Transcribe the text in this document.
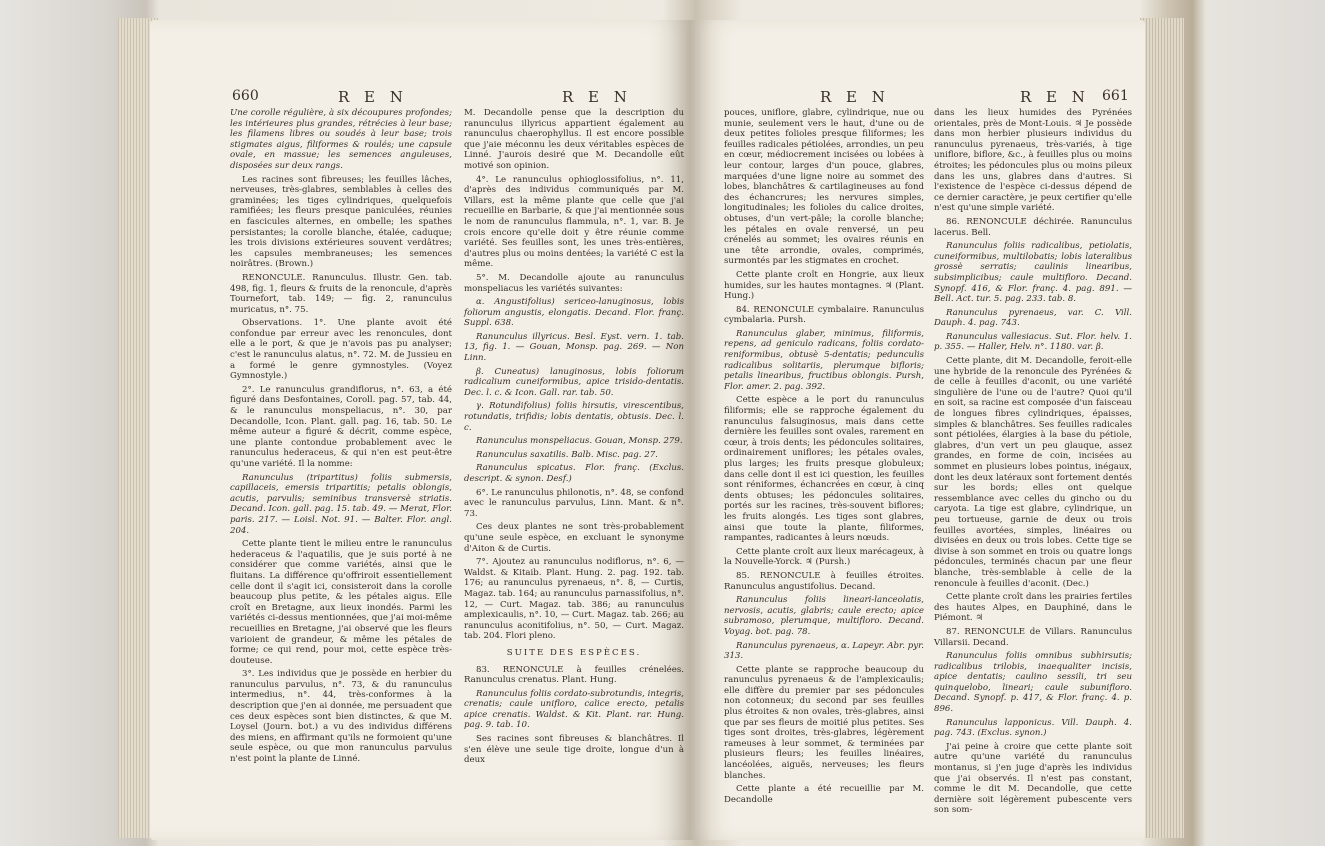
660	R E N	R E N

Une corolle régulière, à six découpures profondes; les intérieures plus grandes, rétrécies à leur base; les filamens libres ou soudés à leur base; trois stigmates aigus, filiformes & roulés; une capsule ovale, en massue; les semences anguleuses, disposées sur deux rangs.

Les racines sont fibreuses; les feuilles lâches, nerveuses, très-glabres, semblables à celles des graminées; les tiges cylindriques, quelquefois ramifiées; les fleurs presque paniculées, réunies en fascicules alternes, en ombelle; les spathes persistantes; la corolle blanche, étalée, caduque; les trois divisions extérieures souvent verdâtres; les capsules membraneuses; les semences noirâtres. (Brown.)

RENONCULE. Ranunculus. Illustr. Gen. tab. 498, fig. 1, fleurs & fruits de la renoncule, d'après Tournefort, tab. 149; — fig. 2, ranunculus muricatus, n°. 75.

Observations. 1°. Une plante avoit été confondue par erreur avec les renoncules, dont elle a le port, & que je n'avois pas pu analyser; c'est le ranunculus alatus, n°. 72. M. de Jussieu en a formé le genre gymnostyles. (Voyez Gymnostyle.)

2°. Le ranunculus grandiflorus, n°. 63, a été figuré dans Desfontaines, Coroll. pag. 57, tab. 44, & le ranunculus monspeliacus, n°. 30, par Decandolle, Icon. Plant. gall. pag. 16, tab. 50. Le même auteur a figuré & décrit, comme espèce, une plante contondue probablement avec le ranunculus hederaceus, & qui n'en est peut-être qu'une variété. Il la nomme:

Ranunculus (tripartitus) foliis submersis, capillaceis, emersis tripartitis; petalis oblongis, acutis, parvulis; seminibus transversè striatis. Decand. Icon. gall. pag. 15. tab. 49. — Merat, Flor. paris. 217. — Loisl. Not. 91. — Balter. Flor. angl. 204.

Cette plante tient le milieu entre le ranunculus hederaceus & l'aquatilis, que je suis porté à ne considérer que comme variétés, ainsi que le fluitans. La différence qu'offriroit essentiellement celle dont il s'agit ici, consisteroit dans la corolle beaucoup plus petite, & les pétales aigus. Elle croît en Bretagne, aux lieux inondés. Parmi les variétés ci-dessus mentionnées, que j'ai moi-même recueillies en Bretagne, j'ai observé que les fleurs varioient de grandeur, & même les pétales de forme; ce qui rend, pour moi, cette espèce très-douteuse.

3°. Les individus que je possède en herbier du ranunculus parvulus, n°. 73, & du ranunculus intermedius, n°. 44, très-conformes à la description que j'en ai donnée, me persuadent que ces deux espèces sont bien distinctes, & que M. Loysel (Journ. bot.) a vu des individus différens des miens, en affirmant qu'ils ne formoient qu'une seule espèce, ou que mon ranunculus parvulus n'est point la plante de Linné.

M. Decandolle pense que la description du ranunculus illyricus appartient également au ranunculus chaerophyllus. Il est encore possible que j'aie méconnu les deux véritables espèces de Linné. J'aurois desiré que M. Decandolle eût motivé son opinion.

4°. Le ranunculus ophioglossifolius, n°. 11, d'après des individus communiqués par M. Villars, est la même plante que celle que j'ai recueillie en Barbarie, & que j'ai mentionnée sous le nom de ranunculus flammula, n°. 1, var. B. Je crois encore qu'elle doit y être réunie comme variété. Ses feuilles sont, les unes très-entières, d'autres plus ou moins dentées; la variété C est la même.

5°. M. Decandolle ajoute au ranunculus monspeliacus les variétés suivantes:

α. Angustifolius) sericeo-lanuginosus, lobis foliorum angustis, elongatis. Decand. Flor. franç. Suppl. 638.

Ranunculus illyricus. Besl. Eyst. vern. 1. tab. 13, fig. 1. — Gouan, Monsp. pag. 269. — Non Linn.

β. Cuneatus) lanuginosus, lobis foliorum radicalium cuneiformibus, apice trisido-dentatis. Dec. l. c. & Icon. Gall. rar. tab. 50.

γ. Rotundifolius) foliis hirsutis, virescentibus, rotundatis, trifidis; lobis dentatis, obtusis. Dec. l. c.

Ranunculus monspeliacus. Gouan, Monsp. 279.

Ranunculus saxatilis. Balb. Misc. pag. 27.

Ranunculus spicatus. Flor. franç. (Exclus. descript. & synon. Desf.)

6°. Le ranunculus philonotis, n°. 48, se confond avec le ranunculus parvulus, Linn. Mant. & n°. 73.

Ces deux plantes ne sont très-probablement qu'une seule espèce, en excluant le synonyme d'Aiton & de Curtis.

7°. Ajoutez au ranunculus nodiflorus, n°. 6, — Waldst. & Kitaib. Plant. Hung. 2. pag. 192. tab. 176; au ranunculus pyrenaeus, n°. 8, — Curtis, Magaz. tab. 164; au ranunculus parnassifolius, n°. 12, — Curt. Magaz. tab. 386; au ranunculus amplexicaulis, n°. 10, — Curt. Magaz. tab. 266; au ranunculus aconitifolius, n°. 50, — Curt. Magaz. tab. 204. Flori pleno.

SUITE DES ESPÈCES.

83. RENONCULE à feuilles crénelées. Ranunculus crenatus. Plant. Hung.

Ranunculus foliis cordato-subrotundis, integris, crenatis; caule unifloro, calice erecto, petalis apice crenatis. Waldst. & Kit. Plant. rar. Hung. pag. 9. tab. 10.

Ses racines sont fibreuses & blanchâtres. Il s'en élève une seule tige droite, longue d'un à deux

R E N	R E N 661

pouces, uniflore, glabre, cylindrique, nue ou munie, seulement vers le haut, d'une ou de deux petites folioles presque filiformes; les feuilles radicales pétiolées, arrondies, un peu en cœur, médiocrement incisées ou lobées à leur contour, larges d'un pouce, glabres, marquées d'une ligne noire au sommet des lobes, blanchâtres & cartilagineuses au fond des échancrures; les nervures simples, longitudinales; les folioles du calice droites, obtuses, d'un vert-pâle; la corolle blanche; les pétales en ovale renversé, un peu crénelés au sommet; les ovaires réunis en une tête arrondie, ovales, comprimés, surmontés par les stigmates en crochet.

Cette plante croît en Hongrie, aux lieux humides, sur les hautes montagnes. ♃ (Plant. Hung.)

84. RENONCULE cymbalaire. Ranunculus cymbalaria. Pursh.

Ranunculus glaber, minimus, filiformis, repens, ad geniculo radicans, foliis cordato-reniformibus, obtusè 5-dentatis; pedunculis radicalibus solitariis, plerumque bifloris; petalis linearibus, fructibus oblongis. Pursh, Flor. amer. 2. pag. 392.

Cette espèce a le port du ranunculus filiformis; elle se rapproche également du ranunculus falsuginosus, mais dans cette dernière les feuilles sont ovales, rarement en cœur, à trois dents; les pédoncules solitaires, ordinairement uniflores; les pétales ovales, plus larges; les fruits presque globuleux; dans celle dont il est ici question, les feuilles sont réniformes, échancrées en cœur, à cinq dents obtuses; les pédoncules solitaires, portés sur les racines, très-souvent biflores; les fruits alongés. Les tiges sont glabres, ainsi que toute la plante, filiformes, rampantes, radicantes à leurs nœuds.

Cette plante croît aux lieux marécageux, à la Nouvelle-Yorck. ♃ (Pursh.)

85. RENONCULE à feuilles étroites. Ranunculus angustifolius. Decand.

Ranunculus foliis lineari-lanceolatis, nervosis, acutis, glabris; caule erecto; apice subramoso, plerumque, multifloro. Decand. Voyag. bot. pag. 78.

Ranunculus pyrenaeus, α. Lapeyr. Abr. pyr. 313.

Cette plante se rapproche beaucoup du ranunculus pyrenaeus & de l'amplexicaulis; elle diffère du premier par ses pédoncules non cotonneux; du second par ses feuilles plus étroites & non ovales, très-glabres, ainsi que par ses fleurs de moitié plus petites. Ses tiges sont droites, très-glabres, légèrement rameuses à leur sommet, & terminées par plusieurs fleurs; les feuilles linéaires, lancéolées, aiguës, nerveuses; les fleurs blanches.

Cette plante a été recueillie par M. Decandolle

dans les lieux humides des Pyrénées orientales, près de Mont-Louis. ♃ Je possède dans mon herbier plusieurs individus du ranunculus pyrenaeus, très-variés, à tige uniflore, biflore, &c., à feuilles plus ou moins étroites; les pédoncules plus ou moins pileux dans les uns, glabres dans d'autres. Si l'existence de l'espèce ci-dessus dépend de ce dernier caractère, je peux certifier qu'elle n'est qu'une simple variété.

86. RENONCULE déchirée. Ranunculus lacerus. Bell.

Ranunculus foliis radicalibus, petiolatis, cuneiformibus, multilobatis; lobis lateralibus grossè serratis; caulinis linearibus, subsimplicibus; caule multifloro. Decand. Synopf. 416, & Flor. franç. 4. pag. 891. — Bell. Act. tur. 5. pag. 233. tab. 8.

Ranunculus pyrenaeus, var. C. Vill. Dauph. 4. pag. 743.

Ranunculus vallesiacus. Sut. Flor. helv. 1. p. 355. — Haller, Helv. n°. 1180. var. β.

Cette plante, dit M. Decandolle, feroit-elle une hybride de la renoncule des Pyrénées & de celle à feuilles d'aconit, ou une variété singulière de l'une ou de l'autre? Quoi qu'il en soit, sa racine est composée d'un faisceau de longues fibres cylindriques, épaisses, simples & blanchâtres. Ses feuilles radicales sont pétiolées, élargies à la base du pétiole, glabres, d'un vert un peu glauque, assez grandes, en forme de coin, incisées au sommet en plusieurs lobes pointus, inégaux, dont les deux latéraux sont fortement dentés sur les bords; elles ont quelque ressemblance avec celles du gincho ou du caryota. La tige est glabre, cylindrique, un peu tortueuse, garnie de deux ou trois feuilles avortées, simples, linéaires ou divisées en deux ou trois lobes. Cette tige se divise à son sommet en trois ou quatre longs pédoncules, terminés chacun par une fleur blanche, très-semblable à celle de la renoncule à feuilles d'aconit. (Dec.)

Cette plante croît dans les prairies fertiles des hautes Alpes, en Dauphiné, dans le Piémont. ♃

87. RENONCULE de Villars. Ranunculus Villarsii. Decand.

Ranunculus foliis omnibus subhirsutis; radicalibus trilobis, inaequaliter incisis, apice dentatis; caulino sessili, tri seu quinquelobo, lineari; caule subunifloro. Decand. Synopf. p. 417, & Flor. franç. 4. p. 896.

Ranunculus lapponicus. Vill. Dauph. 4. pag. 743. (Exclus. synon.)

J'ai peine à croire que cette plante soit autre qu'une variété du ranunculus montanus, si j'en juge d'après les individus que j'ai observés. Il n'est pas constant, comme le dit M. Decandolle, que cette dernière soit légèrement pubescente vers son som-
